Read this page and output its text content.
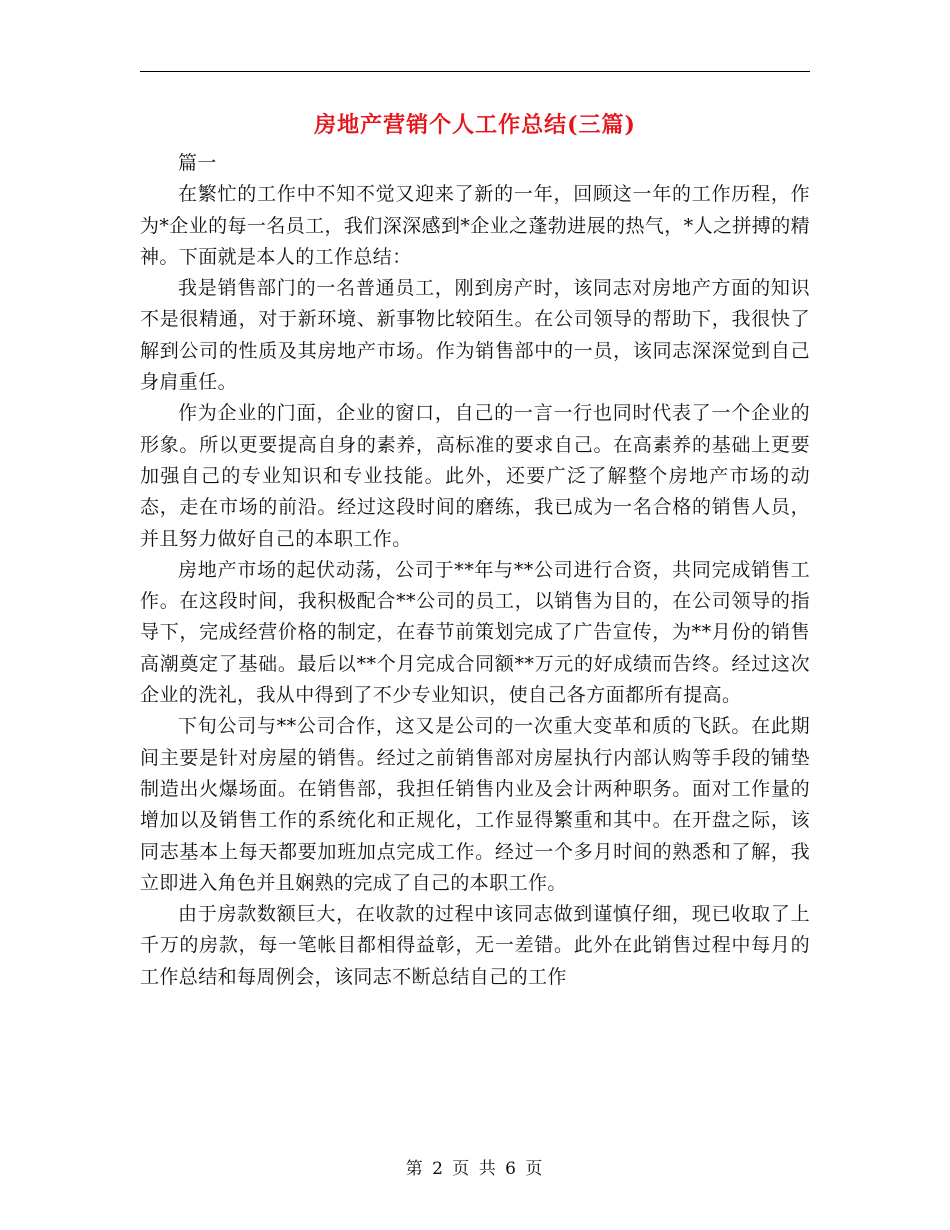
房地产营销个人工作总结(三篇)

篇一

在繁忙的工作中不知不觉又迎来了新的一年，回顾这一年的工作历程，作为*企业的每一名员工，我们深深感到*企业之蓬勃进展的热气，*人之拼搏的精神。下面就是本人的工作总结：

我是销售部门的一名普通员工，刚到房产时，该同志对房地产方面的知识不是很精通，对于新环境、新事物比较陌生。在公司领导的帮助下，我很快了解到公司的性质及其房地产市场。作为销售部中的一员，该同志深深觉到自己身肩重任。

作为企业的门面，企业的窗口，自己的一言一行也同时代表了一个企业的形象。所以更要提高自身的素养，高标准的要求自己。在高素养的基础上更要加强自己的专业知识和专业技能。此外，还要广泛了解整个房地产市场的动态，走在市场的前沿。经过这段时间的磨练，我已成为一名合格的销售人员，并且努力做好自己的本职工作。

房地产市场的起伏动荡，公司于**年与**公司进行合资，共同完成销售工作。在这段时间，我积极配合**公司的员工，以销售为目的，在公司领导的指导下，完成经营价格的制定，在春节前策划完成了广告宣传，为**月份的销售高潮奠定了基础。最后以**个月完成合同额**万元的好成绩而告终。经过这次企业的洗礼，我从中得到了不少专业知识，使自己各方面都所有提高。

下旬公司与**公司合作，这又是公司的一次重大变革和质的飞跃。在此期间主要是针对房屋的销售。经过之前销售部对房屋执行内部认购等手段的铺垫制造出火爆场面。在销售部，我担任销售内业及会计两种职务。面对工作量的增加以及销售工作的系统化和正规化，工作显得繁重和其中。在开盘之际，该同志基本上每天都要加班加点完成工作。经过一个多月时间的熟悉和了解，我立即进入角色并且娴熟的完成了自己的本职工作。

由于房款数额巨大，在收款的过程中该同志做到谨慎仔细，现已收取了上千万的房款，每一笔帐目都相得益彰，无一差错。此外在此销售过程中每月的工作总结和每周例会，该同志不断总结自己的工作

第 2 页 共 6 页
